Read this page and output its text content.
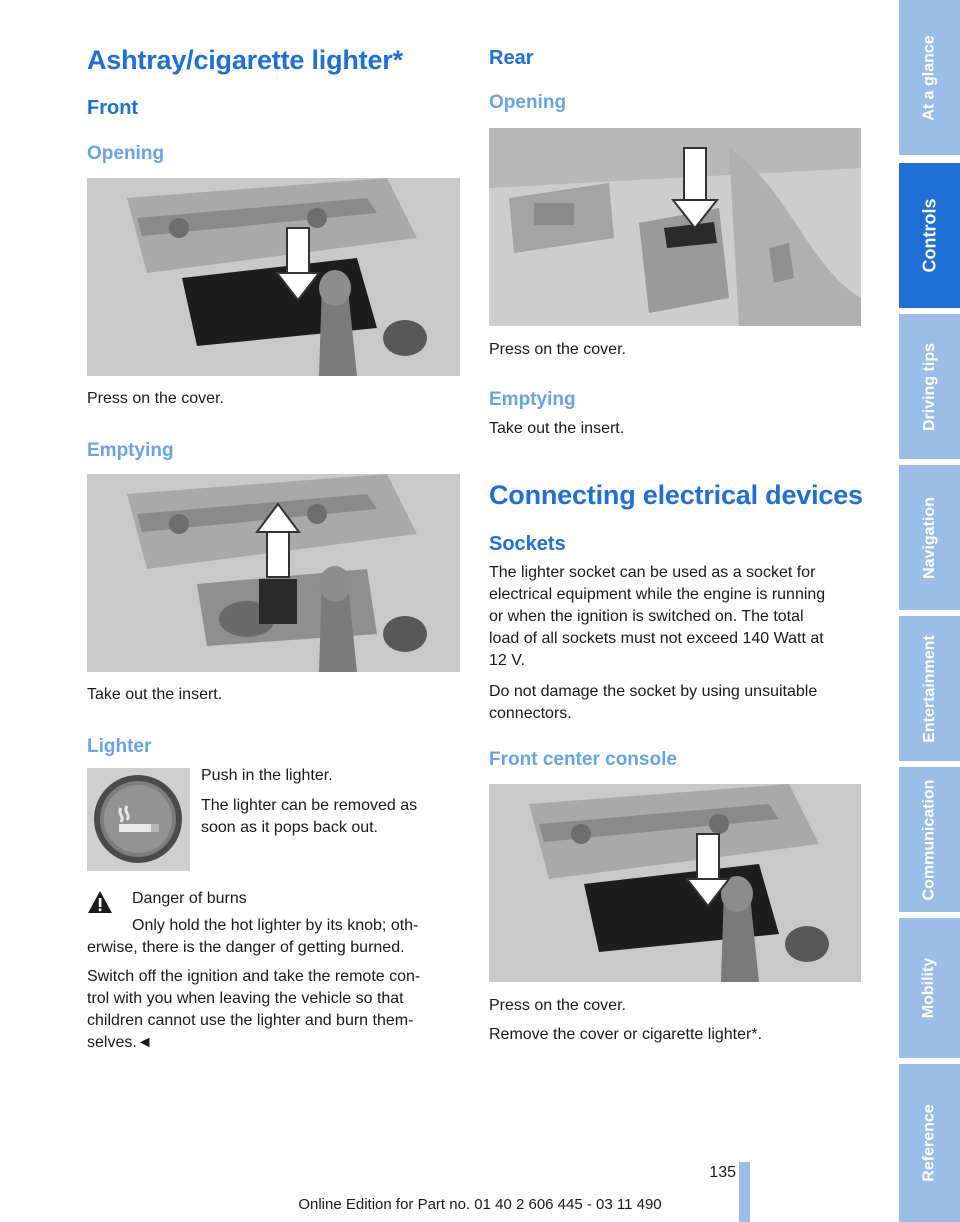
Ashtray/cigarette lighter*
Front
Opening

Press on the cover.

Emptying

Take out the insert.

Lighter

Push in the lighter.

The lighter can be removed as

soon as it pops back out.

Danger of burns

Only hold the hot lighter by its knob; oth-

erwise, there is the danger of getting burned.

Switch off the ignition and take the remote con-

trol with you when leaving the vehicle so that

children cannot use the lighter and burn them-

selves.◄

Rear
Opening

Press on the cover.

Emptying

Take out the insert.

Connecting electrical devices
Sockets

The lighter socket can be used as a socket for

electrical equipment while the engine is running

or when the ignition is switched on. The total

load of all sockets must not exceed 140 Watt at

12 V.

Do not damage the socket by using unsuitable

connectors.

Front center console

Press on the cover.

Remove the cover or cigarette lighter*.

At a glance
Controls
Driving tips
Navigation
Entertainment
Communication
Mobility
Reference
135
Online Edition for Part no. 01 40 2 606 445 - 03 11 490
